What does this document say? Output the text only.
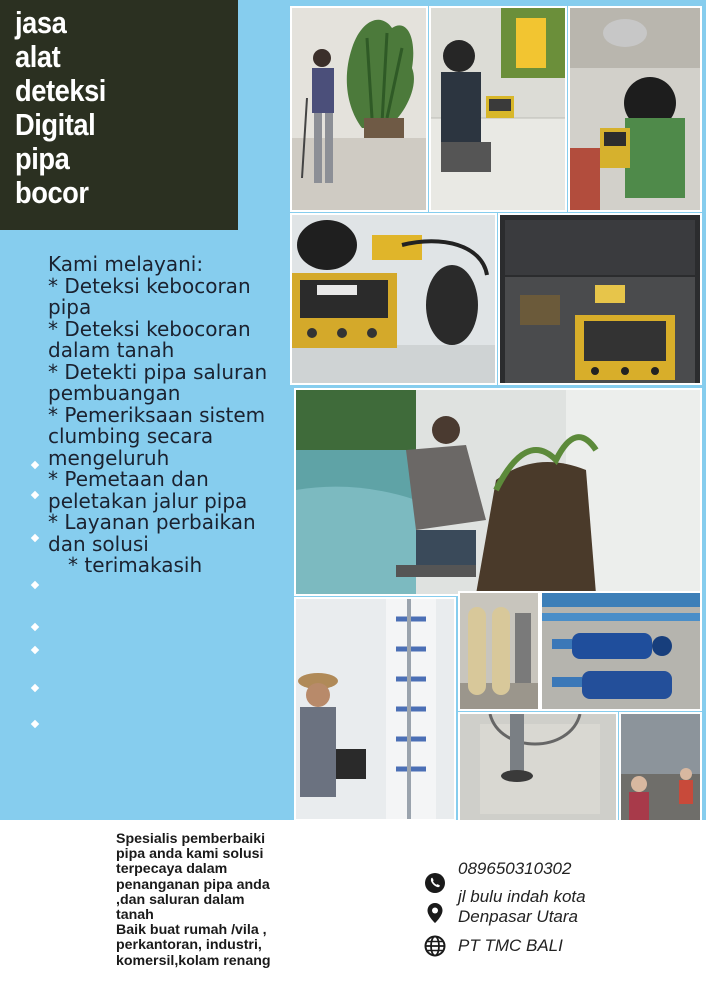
jasa
alat
deteksi
Digital
pipa
bocor
Kami melayani:
* Deteksi kebocoran pipa
* Deteksi kebocoran dalam tanah
* Detekti pipa saluran pembuangan
* Pemeriksaan sistem clumbing secara mengeluruh
* Pemetaan dan peletakan jalur pipa
* Layanan perbaikan dan solusi
* terimakasih
Spesialis pemberbaiki
pipa anda kami solusi
terpecaya dalam
penanganan pipa anda
,dan saluran dalam
tanah
Baik buat rumah /vila ,
perkantoran, industri,
komersil,kolam renang
089650310302
jl bulu indah kota
Denpasar Utara
PT TMC BALI
